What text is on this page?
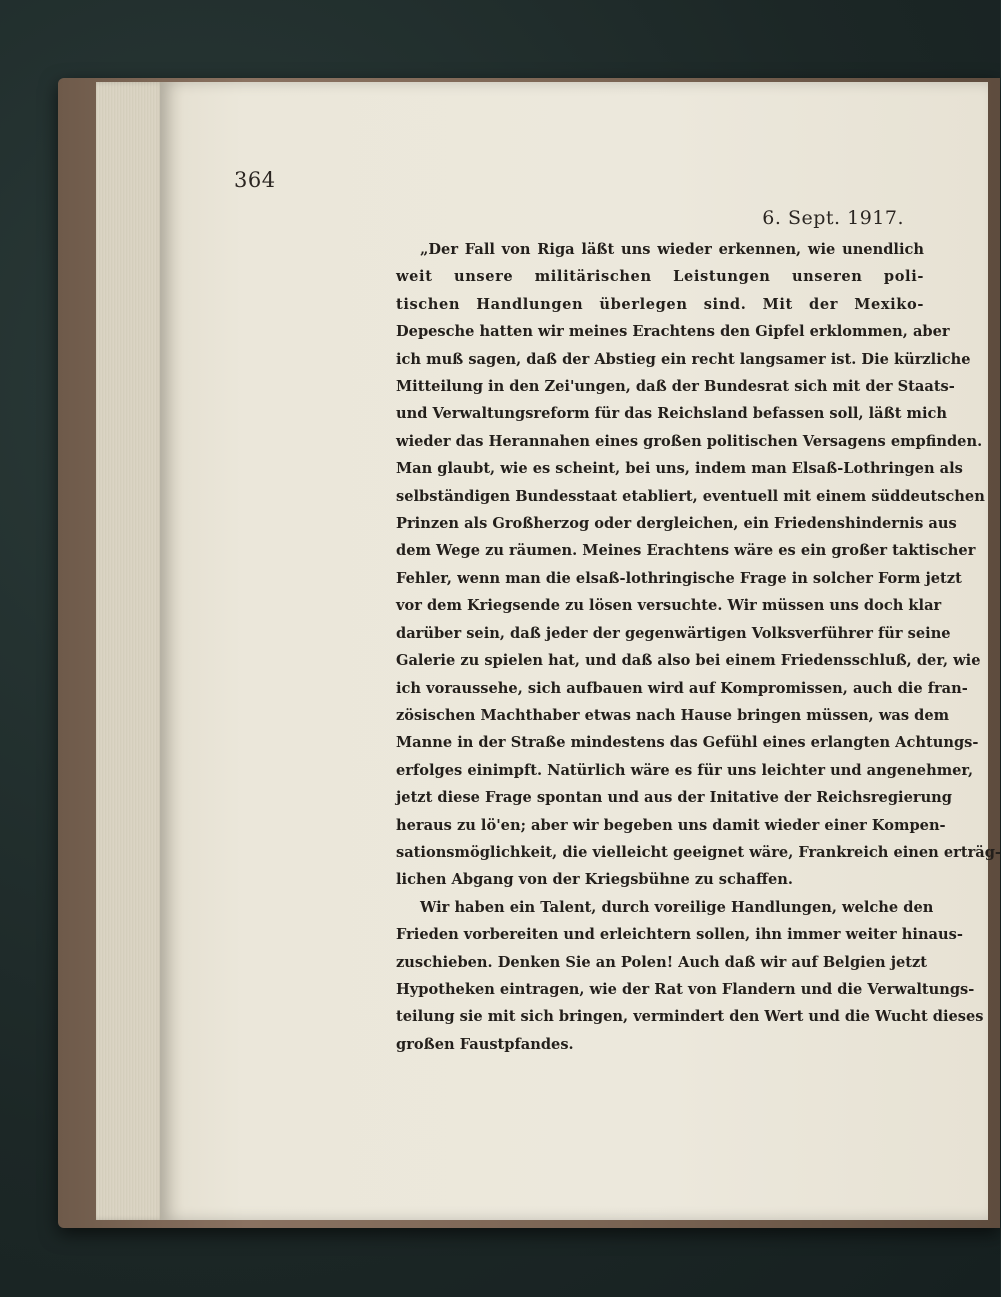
364
6. Sept. 1917.
„Der Fall von Riga läßt uns wieder erkennen, wie unendlich
weit unsere militärischen Leistungen unseren poli-
tischen Handlungen überlegen sind. Mit der Mexiko-
Depesche hatten wir meines Erachtens den Gipfel erklommen, aber
ich muß sagen, daß der Abstieg ein recht langsamer ist. Die kürzliche
Mitteilung in den Zei'ungen, daß der Bundesrat sich mit der Staats-
und Verwaltungsreform für das Reichsland befassen soll, läßt mich
wieder das Herannahen eines großen politischen Versagens empfinden.
Man glaubt, wie es scheint, bei uns, indem man Elsaß-Lothringen als
selbständigen Bundesstaat etabliert, eventuell mit einem süddeutschen
Prinzen als Großherzog oder dergleichen, ein Friedenshindernis aus
dem Wege zu räumen. Meines Erachtens wäre es ein großer taktischer
Fehler, wenn man die elsaß-lothringische Frage in solcher Form jetzt
vor dem Kriegsende zu lösen versuchte. Wir müssen uns doch klar
darüber sein, daß jeder der gegenwärtigen Volksverführer für seine
Galerie zu spielen hat, und daß also bei einem Friedensschluß, der, wie
ich voraussehe, sich aufbauen wird auf Kompromissen, auch die fran-
zösischen Machthaber etwas nach Hause bringen müssen, was dem
Manne in der Straße mindestens das Gefühl eines erlangten Achtungs-
erfolges einimpft. Natürlich wäre es für uns leichter und angenehmer,
jetzt diese Frage spontan und aus der Initative der Reichsregierung
heraus zu lö'en; aber wir begeben uns damit wieder einer Kompen-
sationsmöglichkeit, die vielleicht geeignet wäre, Frankreich einen erträg-
lichen Abgang von der Kriegsbühne zu schaffen.
Wir haben ein Talent, durch voreilige Handlungen, welche den
Frieden vorbereiten und erleichtern sollen, ihn immer weiter hinaus-
zuschieben. Denken Sie an Polen! Auch daß wir auf Belgien jetzt
Hypotheken eintragen, wie der Rat von Flandern und die Verwaltungs-
teilung sie mit sich bringen, vermindert den Wert und die Wucht dieses
großen Faustpfandes.
